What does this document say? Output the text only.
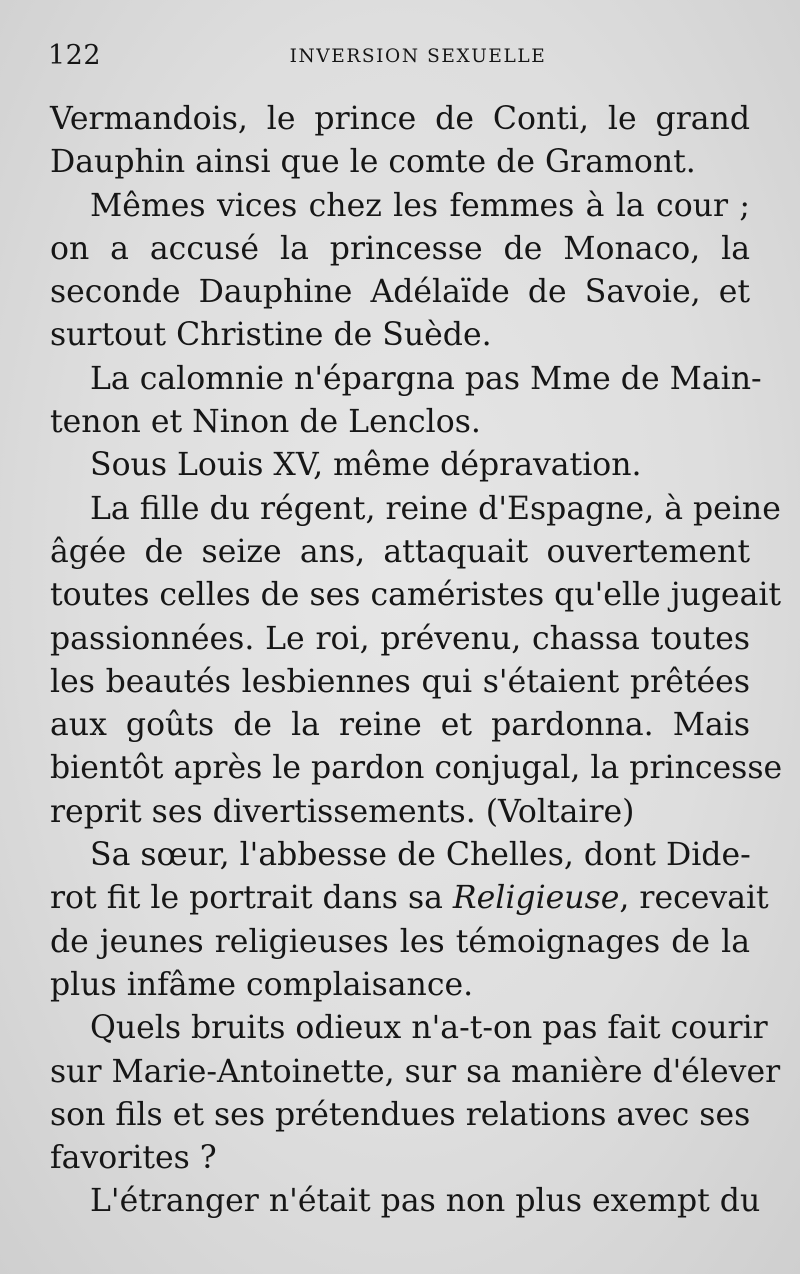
122	INVERSION SEXUELLE
Vermandois, le prince de Conti, le grand
Dauphin ainsi que le comte de Gramont.
Mêmes vices chez les femmes à la cour ;
on a accusé la princesse de Monaco, la
seconde Dauphine Adélaïde de Savoie, et
surtout Christine de Suède.
La calomnie n'épargna pas Mme de Main-
tenon et Ninon de Lenclos.
Sous Louis XV, même dépravation.
La fille du régent, reine d'Espagne, à peine
âgée de seize ans, attaquait ouvertement
toutes celles de ses caméristes qu'elle jugeait
passionnées. Le roi, prévenu, chassa toutes
les beautés lesbiennes qui s'étaient prêtées
aux goûts de la reine et pardonna. Mais
bientôt après le pardon conjugal, la princesse
reprit ses divertissements. (Voltaire)
Sa sœur, l'abbesse de Chelles, dont Dide-
rot fit le portrait dans sa Religieuse, recevait
de jeunes religieuses les témoignages de la
plus infâme complaisance.
Quels bruits odieux n'a-t-on pas fait courir
sur Marie-Antoinette, sur sa manière d'élever
son fils et ses prétendues relations avec ses
favorites ?
L'étranger n'était pas non plus exempt du
